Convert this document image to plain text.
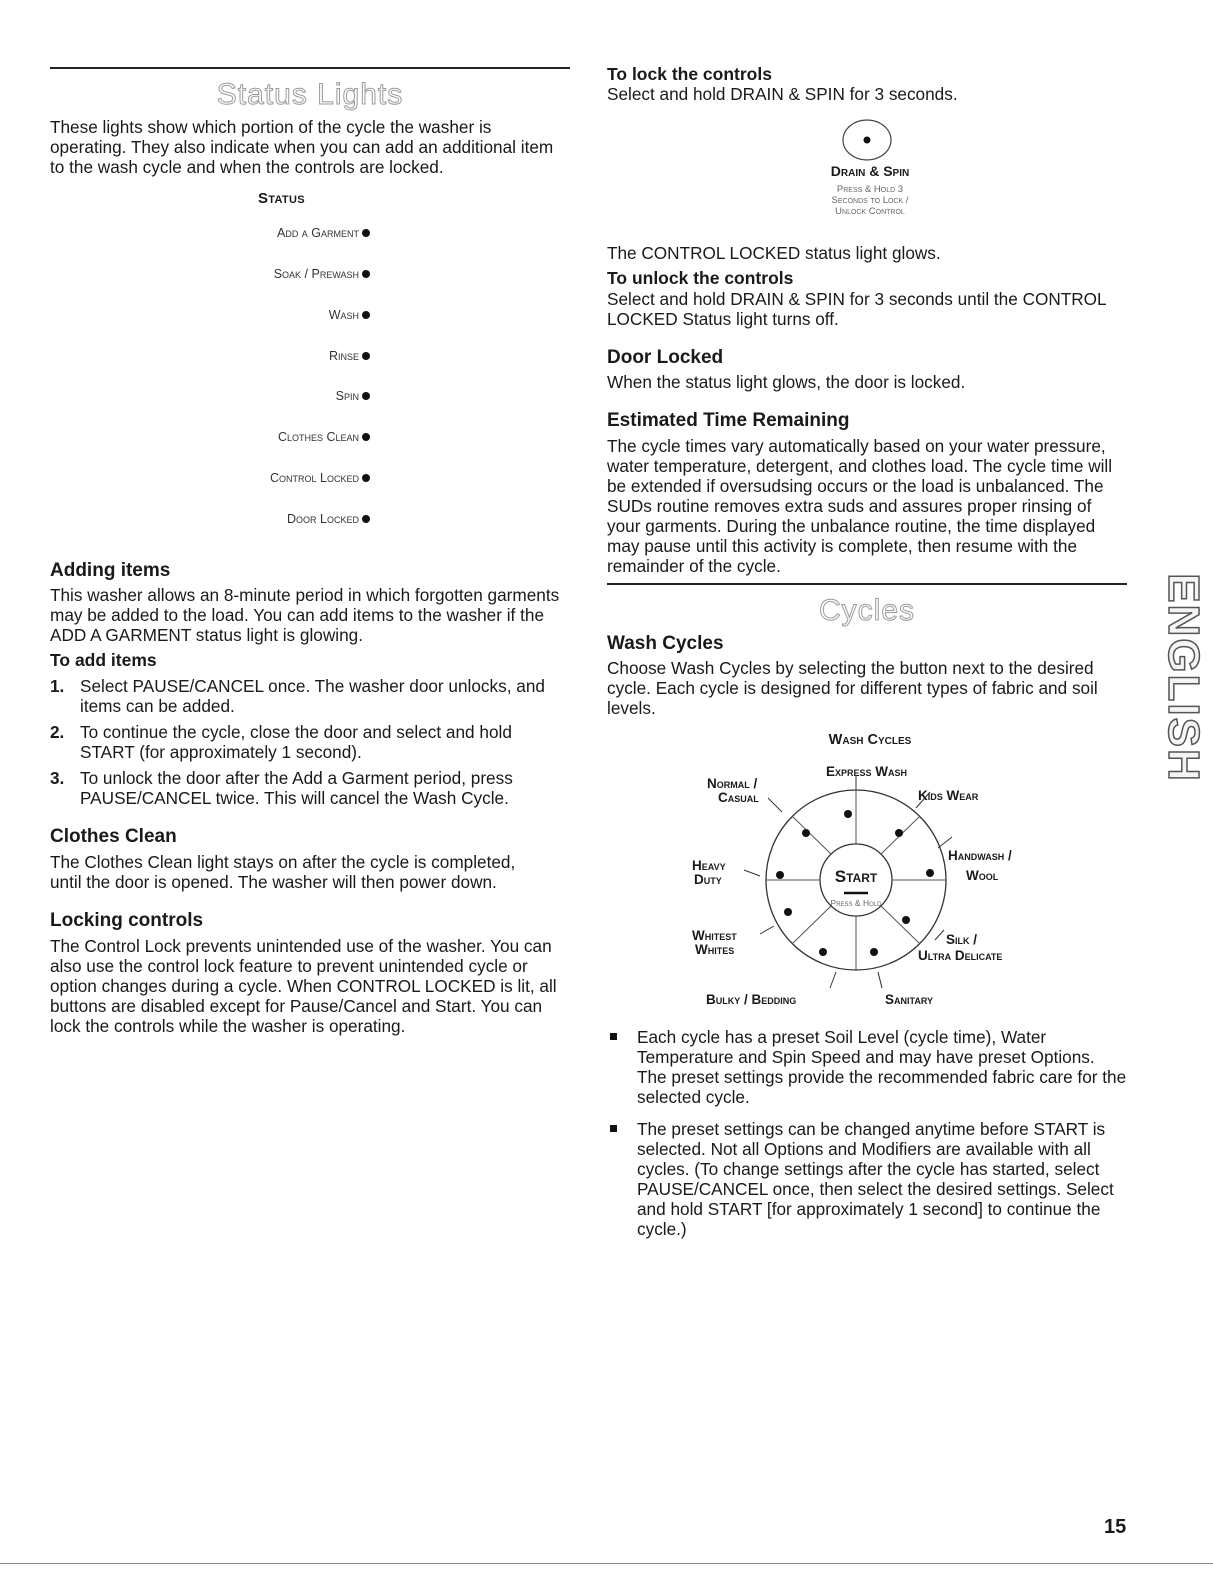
Status Lights

These lights show which portion of the cycle the washer is operating. They also indicate when you can add an additional item to the wash cycle and when the controls are locked.

Status
Add a Garment
Soak / Prewash
Wash
Rinse
Spin
Clothes Clean
Control Locked
Door Locked
Adding items

This washer allows an 8-minute period in which forgotten garments may be added to the load. You can add items to the washer if the ADD A GARMENT status light is glowing.

To add items
1. Select PAUSE/CANCEL once. The washer door unlocks, and items can be added.
2. To continue the cycle, close the door and select and hold START (for approximately 1 second).
3. To unlock the door after the Add a Garment period, press PAUSE/CANCEL twice. This will cancel the Wash Cycle.
Clothes Clean

The Clothes Clean light stays on after the cycle is completed, until the door is opened. The washer will then power down.

Locking controls

The Control Lock prevents unintended use of the washer. You can also use the control lock feature to prevent unintended cycle or option changes during a cycle. When CONTROL LOCKED is lit, all buttons are disabled except for Pause/Cancel and Start. You can lock the controls while the washer is operating.

To lock the controls

Select and hold DRAIN & SPIN for 3 seconds.

Drain & Spin
Press & Hold 3
Seconds to Lock /
Unlock Control

The CONTROL LOCKED status light glows.

To unlock the controls

Select and hold DRAIN & SPIN for 3 seconds until the CONTROL LOCKED Status light turns off.

Door Locked

When the status light glows, the door is locked.

Estimated Time Remaining

The cycle times vary automatically based on your water pressure, water temperature, detergent, and clothes load. The cycle time will be extended if oversudsing occurs or the load is unbalanced. The SUDs routine removes extra suds and assures proper rinsing of your garments. During the unbalance routine, the time displayed may pause until this activity is complete, then resume with the remainder of the cycle.

Cycles
Wash Cycles

Choose Wash Cycles by selecting the button next to the desired cycle. Each cycle is designed for different types of fabric and soil levels.

Wash Cycles
Start
Press & Hold
Express Wash
Normal /
Casual	Kids Wear
Heavy
Duty
Handwash /
Wool
Whitest
Whites
Silk /
Ultra Delicate
Bulky / Bedding	Sanitary
Each cycle has a preset Soil Level (cycle time), Water Temperature and Spin Speed and may have preset Options. The preset settings provide the recommended fabric care for the selected cycle.
The preset settings can be changed anytime before START is selected. Not all Options and Modifiers are available with all cycles. (To change settings after the cycle has started, select PAUSE/CANCEL once, then select the desired settings. Select and hold START [for approximately 1 second] to continue the cycle.)
ENGLISH
15
